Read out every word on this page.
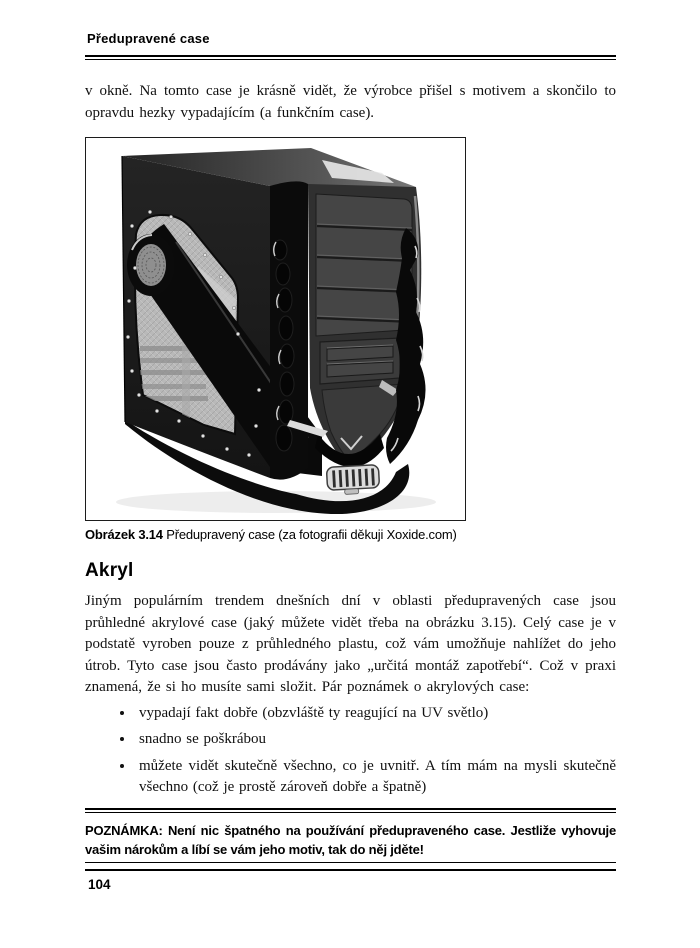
Předupravené case

v okně. Na tomto case je krásně vidět, že výrobce přišel s motivem a skončilo to opravdu hezky vypadajícím (a funkčním case).

Obrázek 3.14 Předupravený case (za fotografii děkuji Xoxide.com)
Akryl

Jiným populárním trendem dnešních dní v oblasti předupravených case jsou průhledné akrylové case (jaký můžete vidět třeba na obrázku 3.15). Celý case je v podstatě vyroben pouze z průhledného plastu, což vám umožňuje nahlížet do jeho útrob. Tyto case jsou často prodávány jako „určitá montáž zapotřebí“. Což v praxi znamená, že si ho musíte sami složit. Pár poznámek o akrylových case:

• vypadají fakt dobře (obzvláště ty reagující na UV světlo)
• snadno se poškrábou
• můžete vidět skutečně všechno, co je uvnitř. A tím mám na mysli skutečně všechno (což je prostě zároveň dobře a špatně)

POZNÁMKA: Není nic špatného na používání předupraveného case. Jestliže vyhovuje vašim nárokům a líbí se vám jeho motiv, tak do něj jděte!

104
